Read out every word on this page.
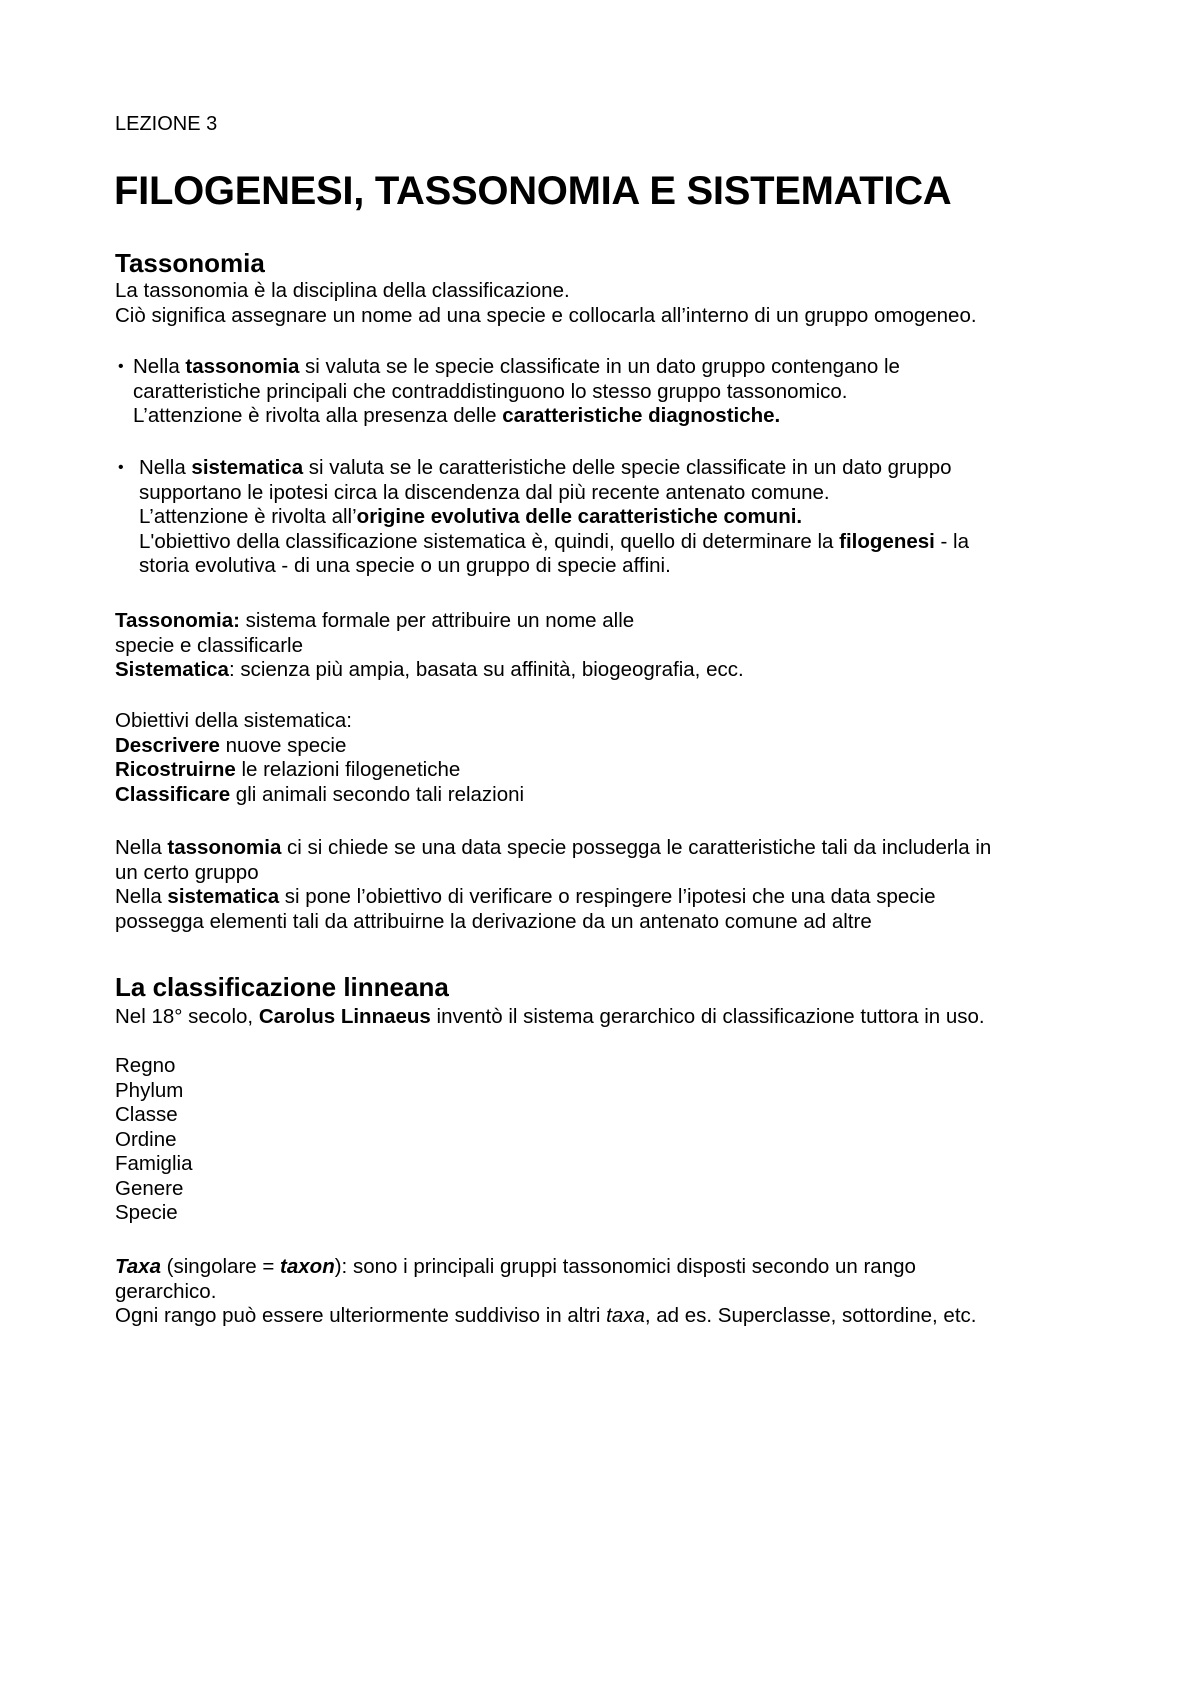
LEZIONE 3
FILOGENESI, TASSONOMIA E SISTEMATICA
Tassonomia
La tassonomia è la disciplina della classificazione.
Ciò significa assegnare un nome ad una specie e collocarla all’interno di un gruppo omogeneo.
• Nella tassonomia si valuta se le specie classificate in un dato gruppo contengano le
caratteristiche principali che contraddistinguono lo stesso gruppo tassonomico.
L’attenzione è rivolta alla presenza delle caratteristiche diagnostiche.
• Nella sistematica si valuta se le caratteristiche delle specie classificate in un dato gruppo
supportano le ipotesi circa la discendenza dal più recente antenato comune.
L’attenzione è rivolta all’origine evolutiva delle caratteristiche comuni.
L'obiettivo della classificazione sistematica è, quindi, quello di determinare la filogenesi - la
storia evolutiva - di una specie o un gruppo di specie affini.
Tassonomia: sistema formale per attribuire un nome alle
specie e classificarle
Sistematica: scienza più ampia, basata su affinità, biogeografia, ecc.
Obiettivi della sistematica:
Descrivere nuove specie
Ricostruirne le relazioni filogenetiche
Classificare gli animali secondo tali relazioni
Nella tassonomia ci si chiede se una data specie possegga le caratteristiche tali da includerla in
un certo gruppo
Nella sistematica si pone l’obiettivo di verificare o respingere l’ipotesi che una data specie
possegga elementi tali da attribuirne la derivazione da un antenato comune ad altre
La classificazione linneana
Nel 18° secolo, Carolus Linnaeus inventò il sistema gerarchico di classificazione tuttora in uso.
Regno
Phylum
Classe
Ordine
Famiglia
Genere
Specie
Taxa (singolare = taxon): sono i principali gruppi tassonomici disposti secondo un rango
gerarchico.
Ogni rango può essere ulteriormente suddiviso in altri taxa, ad es. Superclasse, sottordine, etc.
